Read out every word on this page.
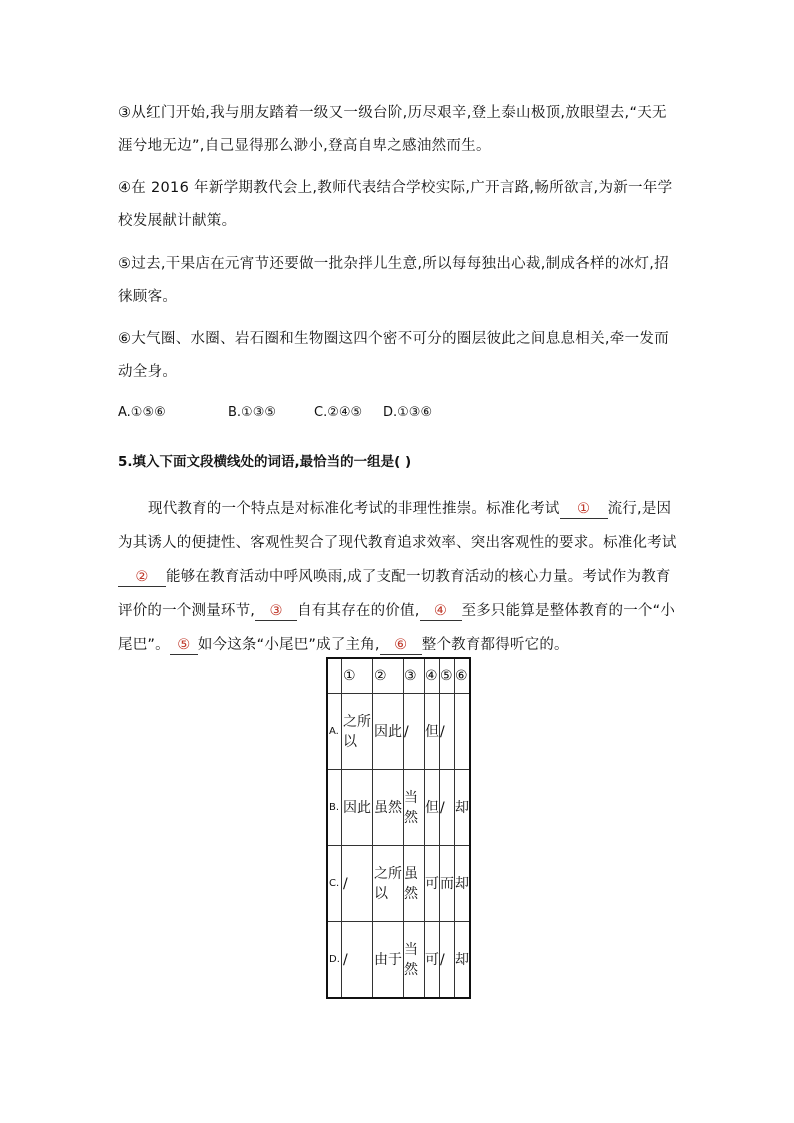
③从红门开始,我与朋友踏着一级又一级台阶,历尽艰辛,登上泰山极顶,放眼望去,“天无涯兮地无边”,自己显得那么渺小,登高自卑之感油然而生。
④在 2016 年新学期教代会上,教师代表结合学校实际,广开言路,畅所欲言,为新一年学校发展献计献策。
⑤过去,干果店在元宵节还要做一批杂拌儿生意,所以每每独出心裁,制成各样的冰灯,招徕顾客。
⑥大气圈、水圈、岩石圈和生物圈这四个密不可分的圈层彼此之间息息相关,牵一发而动全身。
A.①⑤⑥	B.①③⑤	C.②④⑤ D.①③⑥
5.填入下面文段横线处的词语,最恰当的一组是( )
现代教育的一个特点是对标准化考试的非理性推崇。标准化考试 ① 流行,是因为其诱人的便捷性、客观性契合了现代教育追求效率、突出客观性的要求。标准化考试② 能够在教育活动中呼风唤雨,成了支配一切教育活动的核心力量。考试作为教育评价的一个测量环节, ③ 自有其存在的价值, ④ 至多只能算是整体教育的一个“小尾巴”。 ⑤ 如今这条“小尾巴”成了主角, ⑥ 整个教育都得听它的。

	①	②	③	④	⑤	⑥

A.	之所以	因此	/	但	/	

B.	因此	虽然	当然	但	/	却

C.	/	之所以	虽然	可	而	却

D.	/	由于	当然	可	/	却
